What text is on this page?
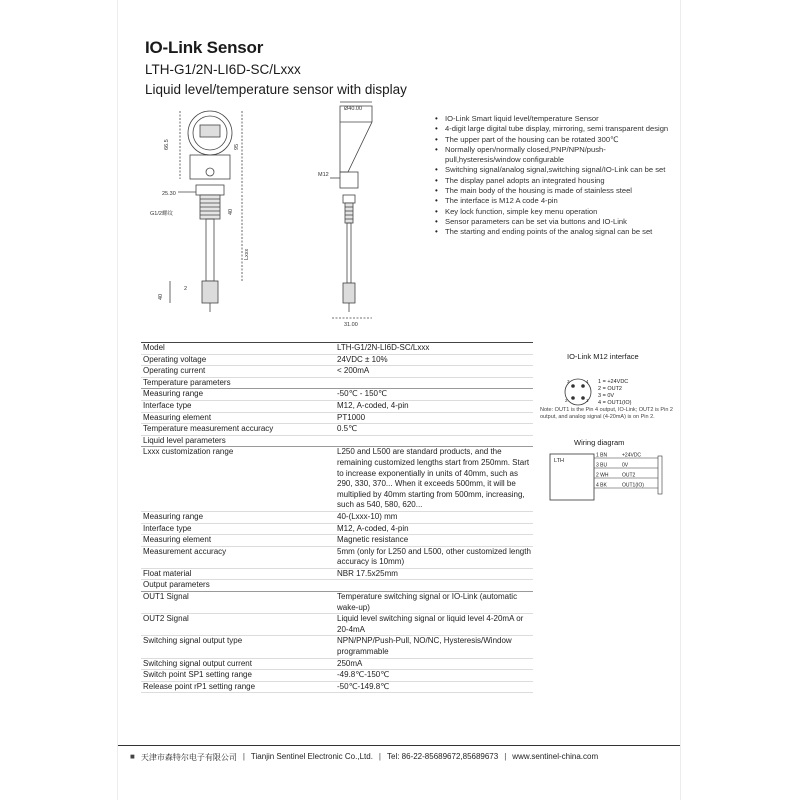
IO-Link Sensor
LTH-G1/2N-LI6D-SC/Lxxx
Liquid level/temperature sensor with display
Ø40.00
66.5	95
M12
25.30
G1/2螺纹	40
Lxxx
40
2
31.00
• IO-Link Smart liquid level/temperature Sensor
• 4-digit large digital tube display, mirroring, semi transparent design
• The upper part of the housing can be rotated 300℃
• Normally open/normally closed,PNP/NPN/push-pull,hysteresis/window configurable
• Switching signal/analog signal,switching signal/IO-Link can be set
• The display panel adopts an integrated housing
• The main body of the housing is made of stainless steel
• The interface is M12 A code 4-pin
• Key lock function, simple key menu operation
• Sensor parameters can be set via buttons and IO-Link
• The starting and ending points of the analog signal can be set
Model	LTH-G1/2N-LI6D-SC/Lxxx
Operating voltage	24VDC ± 10%
Operating current	< 200mA
Temperature parameters	
Measuring range	-50℃ - 150℃
Interface type	M12, A-coded, 4-pin
Measuring element	PT1000
Temperature measurement accuracy	0.5℃
Liquid level parameters	
Lxxx customization range	L250 and L500 are standard products, and the remaining customized lengths start from 250mm. Start to increase exponentially in units of 40mm, such as 290, 330, 370... When it exceeds 500mm, it will be multiplied by 40mm starting from 500mm, increasing, such as 540, 580, 620...
Measuring range	40-(Lxxx-10) mm
Interface type	M12, A-coded, 4-pin
Measuring element	Magnetic resistance
Measurement accuracy	5mm (only for L250 and L500, other customized length accuracy is 10mm)
Float material	NBR 17.5x25mm
Output parameters	
OUT1 Signal	Temperature switching signal or IO-Link (automatic wake-up)
OUT2 Signal	Liquid level switching signal or liquid level 4-20mA or 20-4mA
Switching signal output type	NPN/PNP/Push-Pull, NO/NC, Hysteresis/Window programmable
Switching signal output current	250mA
Switch point SP1 setting range	-49.8℃-150℃
Release point rP1 setting range	-50℃-149.8℃
IO-Link M12 interface
3	4
2	1
1 = +24VDC
2 = OUT2
3 = 0V
4 = OUT1(IO)
Note: OUT1 is the Pin 4 output, IO-Link; OUT2 is Pin 2 output, and analog signal (4-20mA) is on Pin 2.
Wiring diagram
LTH
1 BN	+24VDC
3 BU	0V
2 WH	OUT2
4 BK	OUT1(IO)
■ 天津市森特尔电子有限公司 | Tianjin Sentinel Electronic Co.,Ltd. | Tel: 86-22-85689672,85689673 | www.sentinel-china.com
